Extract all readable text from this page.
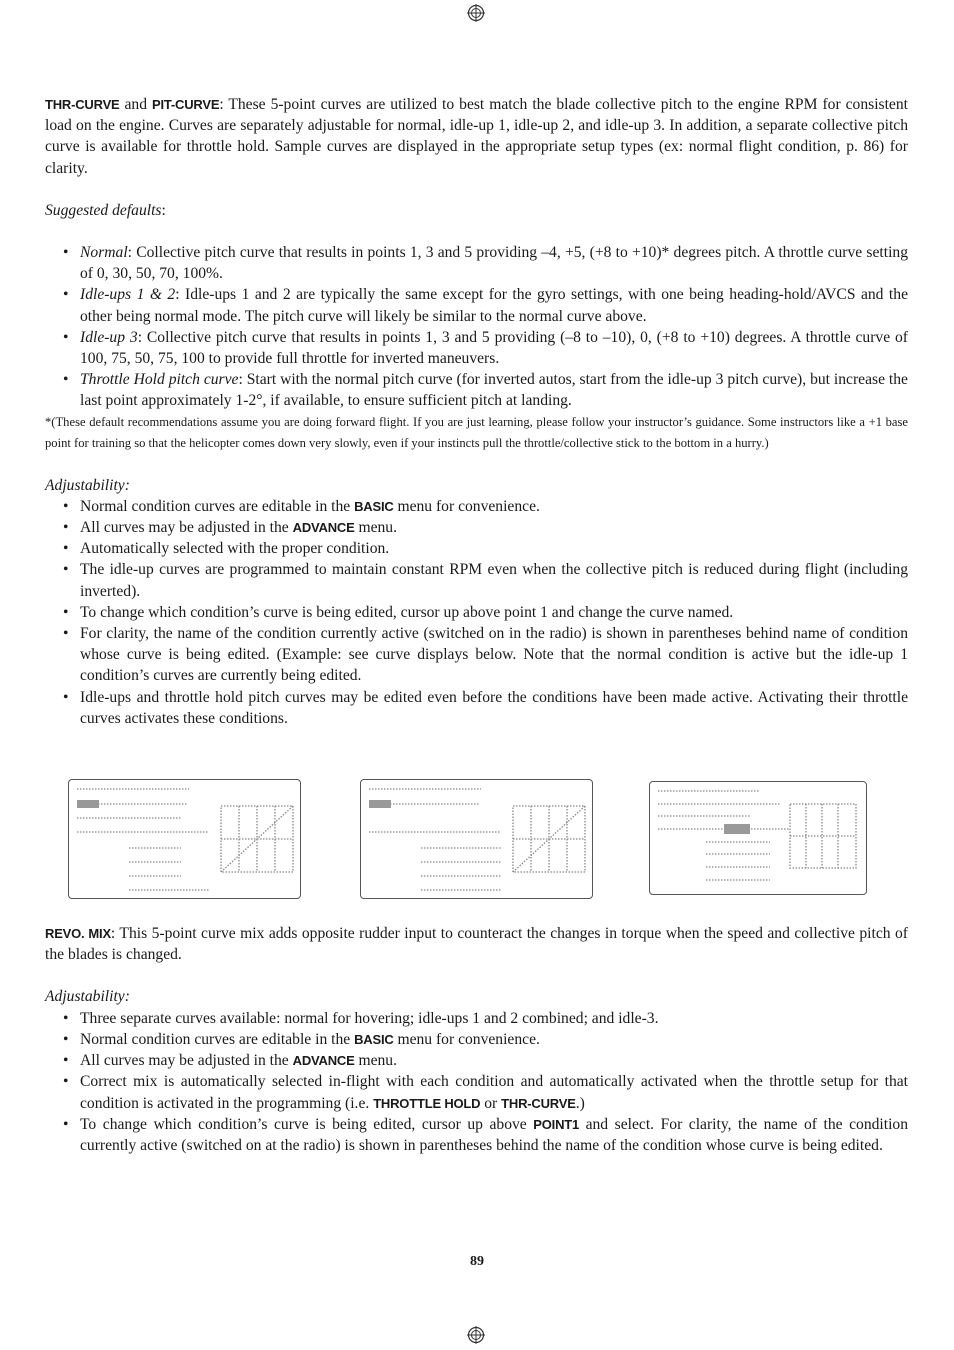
THR-CURVE and PIT-CURVE: These 5-point curves are utilized to best match the blade collective pitch to the engine RPM for consistent load on the engine. Curves are separately adjustable for normal, idle-up 1, idle-up 2, and idle-up 3. In addition, a separate collective pitch curve is available for throttle hold. Sample curves are displayed in the appropriate setup types (ex: normal flight condition, p. 86) for clarity.

Suggested defaults:

• Normal: Collective pitch curve that results in points 1, 3 and 5 providing –4, +5, (+8 to +10)* degrees pitch. A throttle curve setting of 0, 30, 50, 70, 100%.
• Idle-ups 1 & 2: Idle-ups 1 and 2 are typically the same except for the gyro settings, with one being heading-hold/AVCS and the other being normal mode. The pitch curve will likely be similar to the normal curve above.
• Idle-up 3: Collective pitch curve that results in points 1, 3 and 5 providing (–8 to –10), 0, (+8 to +10) degrees. A throttle curve of 100, 75, 50, 75, 100 to provide full throttle for inverted maneuvers.
• Throttle Hold pitch curve: Start with the normal pitch curve (for inverted autos, start from the idle-up 3 pitch curve), but increase the last point approximately 1-2°, if available, to ensure sufficient pitch at landing.

*(These default recommendations assume you are doing forward flight. If you are just learning, please follow your instructor’s guidance. Some instructors like a +1 base point for training so that the helicopter comes down very slowly, even if your instincts pull the throttle/collective stick to the bottom in a hurry.)

Adjustability:

• Normal condition curves are editable in the BASIC menu for convenience.
• All curves may be adjusted in the ADVANCE menu.
• Automatically selected with the proper condition.
• The idle-up curves are programmed to maintain constant RPM even when the collective pitch is reduced during flight (including inverted).
• To change which condition’s curve is being edited, cursor up above point 1 and change the curve named.
• For clarity, the name of the condition currently active (switched on in the radio) is shown in parentheses behind name of condition whose curve is being edited. (Example: see curve displays below. Note that the normal condition is active but the idle-up 1 condition’s curves are currently being edited.
• Idle-ups and throttle hold pitch curves may be edited even before the conditions have been made active. Activating their throttle curves activates these conditions.

REVO. MIX: This 5-point curve mix adds opposite rudder input to counteract the changes in torque when the speed and collective pitch of the blades is changed.

Adjustability:

• Three separate curves available: normal for hovering; idle-ups 1 and 2 combined; and idle-3.
• Normal condition curves are editable in the BASIC menu for convenience.
• All curves may be adjusted in the ADVANCE menu.
• Correct mix is automatically selected in-flight with each condition and automatically activated when the throttle setup for that condition is activated in the programming (i.e. THROTTLE HOLD or THR-CURVE.)
• To change which condition’s curve is being edited, cursor up above POINT1 and select. For clarity, the name of the condition currently active (switched on at the radio) is shown in parentheses behind the name of the condition whose curve is being edited.
89
